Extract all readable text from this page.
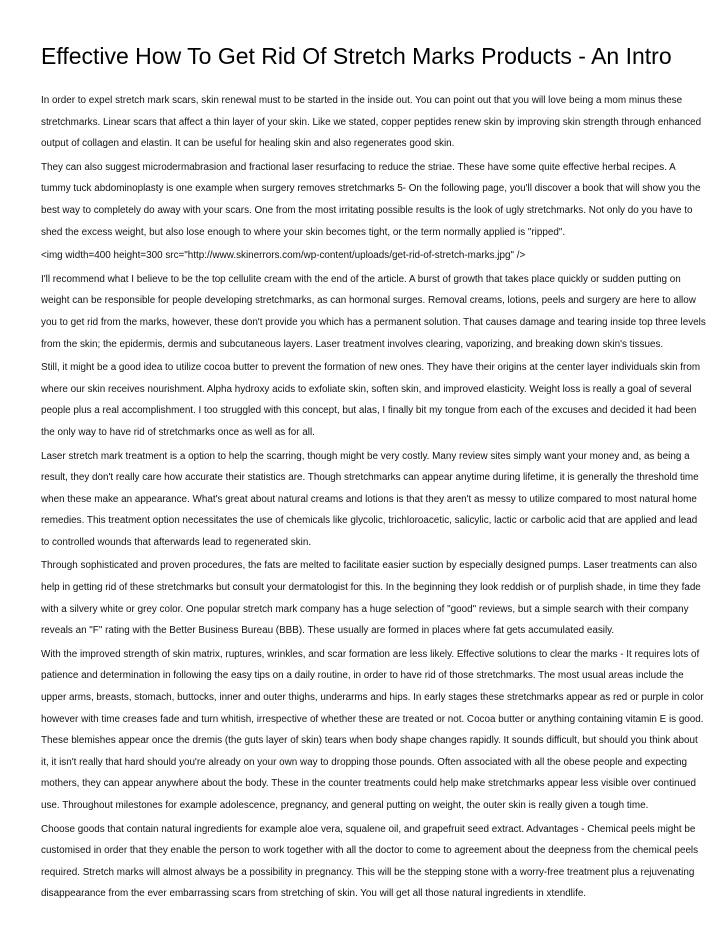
Effective How To Get Rid Of Stretch Marks Products - An Intro

In order to expel stretch mark scars, skin renewal must to be started in the inside out. You can point out that you will love being a mom minus these
stretchmarks. Linear scars that affect a thin layer of your skin. Like we stated, copper peptides renew skin by improving skin strength through enhanced
output of collagen and elastin. It can be useful for healing skin and also regenerates good skin.

They can also suggest microdermabrasion and fractional laser resurfacing to reduce the striae. These have some quite effective herbal recipes. A
tummy tuck abdominoplasty is one example when surgery removes stretchmarks 5- On the following page, you'll discover a book that will show you the
best way to completely do away with your scars. One from the most irritating possible results is the look of ugly stretchmarks. Not only do you have to
shed the excess weight, but also lose enough to where your skin becomes tight, or the term normally applied is "ripped".

<img width=400 height=300 src="http://www.skinerrors.com/wp-content/uploads/get-rid-of-stretch-marks.jpg" />

I'll recommend what I believe to be the top cellulite cream with the end of the article. A burst of growth that takes place quickly or sudden putting on
weight can be responsible for people developing stretchmarks, as can hormonal surges. Removal creams, lotions, peels and surgery are here to allow
you to get rid from the marks, however, these don't provide you which has a permanent solution. That causes damage and tearing inside top three levels
from the skin; the epidermis, dermis and subcutaneous layers. Laser treatment involves clearing, vaporizing, and breaking down skin's tissues.

Still, it might be a good idea to utilize cocoa butter to prevent the formation of new ones. They have their origins at the center layer individuals skin from
where our skin receives nourishment. Alpha hydroxy acids to exfoliate skin, soften skin, and improved elasticity. Weight loss is really a goal of several
people plus a real accomplishment. I too struggled with this concept, but alas, I finally bit my tongue from each of the excuses and decided it had been
the only way to have rid of stretchmarks once as well as for all.

Laser stretch mark treatment is a option to help the scarring, though might be very costly. Many review sites simply want your money and, as being a
result, they don't really care how accurate their statistics are. Though stretchmarks can appear anytime during lifetime, it is generally the threshold time
when these make an appearance. What's great about natural creams and lotions is that they aren't as messy to utilize compared to most natural home
remedies. This treatment option necessitates the use of chemicals like glycolic, trichloroacetic, salicylic, lactic or carbolic acid that are applied and lead
to controlled wounds that afterwards lead to regenerated skin.

Through sophisticated and proven procedures, the fats are melted to facilitate easier suction by especially designed pumps. Laser treatments can also
help in getting rid of these stretchmarks but consult your dermatologist for this. In the beginning they look reddish or of purplish shade, in time they fade
with a silvery white or grey color. One popular stretch mark company has a huge selection of "good" reviews, but a simple search with their company
reveals an "F" rating with the Better Business Bureau (BBB). These usually are formed in places where fat gets accumulated easily.

With the improved strength of skin matrix, ruptures, wrinkles, and scar formation are less likely. Effective solutions to clear the marks - It requires lots of
patience and determination in following the easy tips on a daily routine, in order to have rid of those stretchmarks. The most usual areas include the
upper arms, breasts, stomach, buttocks, inner and outer thighs, underarms and hips. In early stages these stretchmarks appear as red or purple in color
however with time creases fade and turn whitish, irrespective of whether these are treated or not. Cocoa butter or anything containing vitamin E is good.
These blemishes appear once the dremis (the guts layer of skin) tears when body shape changes rapidly. It sounds difficult, but should you think about
it, it isn't really that hard should you're already on your own way to dropping those pounds. Often associated with all the obese people and expecting
mothers, they can appear anywhere about the body. These in the counter treatments could help make stretchmarks appear less visible over continued
use. Throughout milestones for example adolescence, pregnancy, and general putting on weight, the outer skin is really given a tough time.

Choose goods that contain natural ingredients for example aloe vera, squalene oil, and grapefruit seed extract. Advantages - Chemical peels might be
customised in order that they enable the person to work together with all the doctor to come to agreement about the deepness from the chemical peels
required. Stretch marks will almost always be a possibility in pregnancy. This will be the stepping stone with a worry-free treatment plus a rejuvenating
disappearance from the ever embarrassing scars from stretching of skin. You will get all those natural ingredients in xtendlife.
